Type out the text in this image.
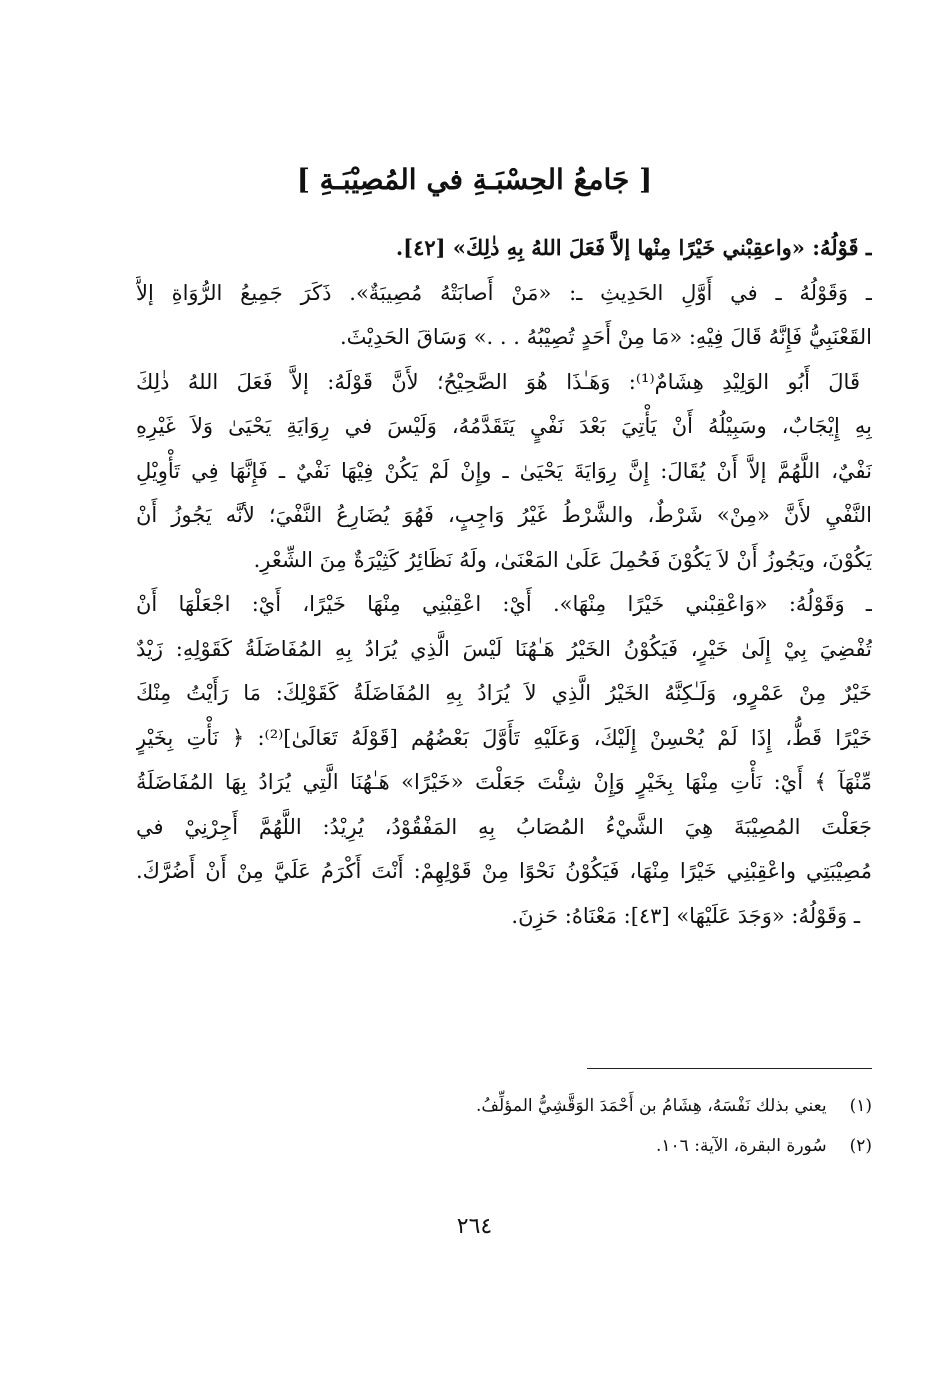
[ جَامعُ الحِسْبَـةِ في المُصِيْبَـةِ ]
ـ قَوْلُهُ: «واعقِبْني خَيْرًا مِنْها إلاَّ فَعَلَ اللهُ بِهِ ذٰلِكَ» [٤٢].
ـ وَقَوْلُهُ ـ في أَوَّلِ الحَدِيثِ ـ: «مَنْ أَصابَتْهُ مُصِيبَةٌ». ذَكَرَ جَمِيعُ الرُّوَاةِ إلاَّ
القَعْنَبِيُّ فَإِنَّهُ قَالَ فِيْهِ: «مَا مِنْ أَحَدٍ تُصِيْبُهُ . . .» وَسَاقَ الحَدِيْثَ.
قَالَ أَبُو الوَلِيْدِ هِشَامٌ⁽¹⁾: وَهَـٰذَا هُوَ الصَّحِيْحُ؛ لأَنَّ قَوْلَهُ: إلاَّ فَعَلَ اللهُ ذٰلِكَ
بِهِ إِيْجَابٌ، وسَبِيْلُهُ أَنْ يَأْتِيَ بَعْدَ نَفْيٍ يَتَقَدَّمُهُ، وَلَيْسَ في رِوَايَةِ يَحْيَىٰ وَلاَ غَيْرِهِ
نَفْيٌ، اللَّهُمَّ إلاَّ أَنْ يُقَالَ: إِنَّ رِوَايَةَ يَحْيَىٰ ـ وإِنْ لَمْ يَكُنْ فِيْهَا نَفْيٌ ـ فَإِنَّهَا فِي تَأْوِيْلِ
النَّفْيِ لأَنَّ «مِنْ» شَرْطٌ، والشَّرْطُ غَيْرُ وَاجِبٍ، فَهُوَ يُضَارِعُ النَّفْيَ؛ لأنَّه يَجُوزُ أَنْ
يَكُوْنَ، ويَجُوزُ أَنْ لاَ يَكُوْنَ فَحُمِلَ عَلَىٰ المَعْنَىٰ، ولَهُ نَظَائِرُ كَثِيْرَةٌ مِنَ الشِّعْرِ.
ـ وَقَوْلُهُ: «وَاعْقِبْني خَيْرًا مِنْهَا». أَيْ: اعْقِبْنِي مِنْهَا خَيْرًا، أَيْ: اجْعَلْهَا أَنْ
تُفْضِيَ بِيْ إِلَىٰ خَيْرٍ، فَيَكُوْنُ الخَيْرُ هَـٰهُنَا لَيْسَ الَّذِي يُرَادُ بِهِ المُفَاضَلَةُ كَقَوْلِهِ: زَيْدٌ
خَيْرٌ مِنْ عَمْرٍو، وَلَـٰكِنَّهُ الخَيْرُ الَّذِي لاَ يُرَادُ بِهِ المُفَاضَلَةُ كَقَوْلِكَ: مَا رَأَيْتُ مِنْكَ
خَيْرًا قَطُّ، إِذَا لَمْ يُحْسِنْ إِلَيْكَ، وَعَلَيْهِ تَأَوَّلَ بَعْضُهُم [قَوْلَهُ تَعَالَىٰ]⁽²⁾: ﴿ نَأْتِ بِخَيْرٍ
مِّنْهَآ ﴾ أَيْ: نَأْتِ مِنْهَا بِخَيْرٍ وَإِنْ شِئْتَ جَعَلْتَ «خَيْرًا» هَـٰهُنَا الَّتِي يُرَادُ بِهَا المُفَاضَلَةُ
جَعَلْتَ المُصِيْبَةَ هِيَ الشَّيْءُ المُصَابُ بِهِ المَفْقُوْدُ، يُرِيْدُ: اللَّهُمَّ أَجِرْنِيْ في
مُصِيْبَتِي واعْقِبْنِي خَيْرًا مِنْهَا، فَيَكُوْنُ نَحْوًا مِنْ قَوْلِهِمْ: أَنْتَ أَكْرَمُ عَلَيَّ مِنْ أَنْ أَضُرَّكَ.
ـ وَقَوْلُهُ: «وَجَدَ عَلَيْهَا» [٤٣]: مَعْنَاهُ: حَزِنَ.
(١) يعني بذلك نَفْسَهُ، هِشَامُ بن أَحْمَدَ الوَقَّشِيُّ المؤلِّفُ.
(٢) سُورة البقرة، الآية: ١٠٦.
٢٦٤
